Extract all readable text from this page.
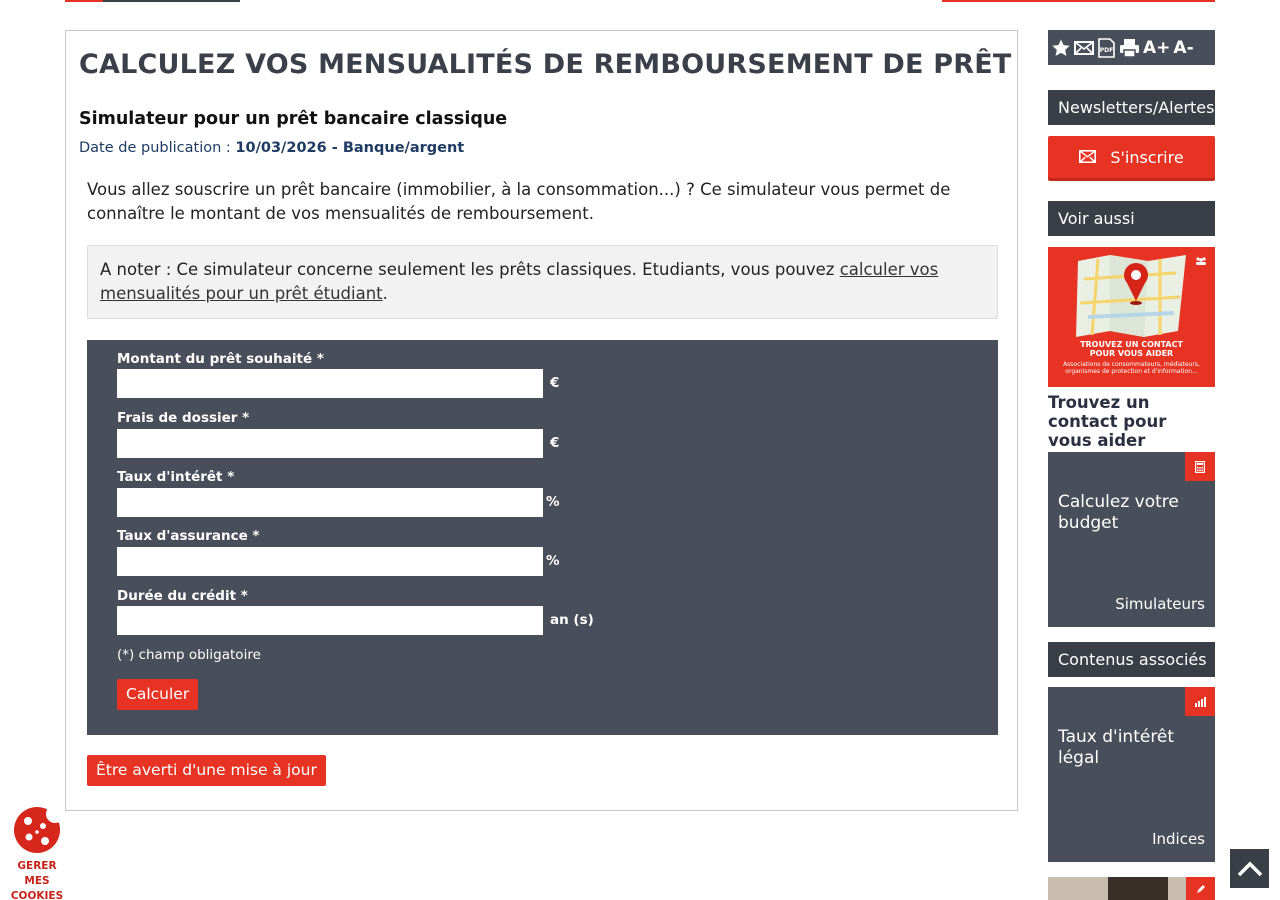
CALCULEZ VOS MENSUALITÉS DE REMBOURSEMENT DE PRÊT
Simulateur pour un prêt bancaire classique
Date de publication : 10/03/2026 - Banque/argent

Vous allez souscrire un prêt bancaire (immobilier, à la consommation...) ? Ce simulateur vous permet de connaître le montant de vos mensualités de remboursement.

A noter : Ce simulateur concerne seulement les prêts classiques. Etudiants, vous pouvez calculer vos mensualités pour un prêt étudiant.
Montant du prêt souhaité *
€
Frais de dossier *
€
Taux d'intérêt *
%
Taux d'assurance *
%
Durée du crédit *
an (s)
(*) champ obligatoire
Calculer
Être averti d'une mise à jour
PDF A+ A-
Newsletters/Alertes
S'inscrire
Voir aussi
TROUVEZ UN CONTACT
POUR VOUS AIDER
Associations de consommateurs, médiateurs, organismes de protection et d'information...
Trouvez un contact pour vous aider
Calculez votre budget
Simulateurs
Contenus associés
Taux d'intérêt légal
Indices
GERER MES
COOKIES
